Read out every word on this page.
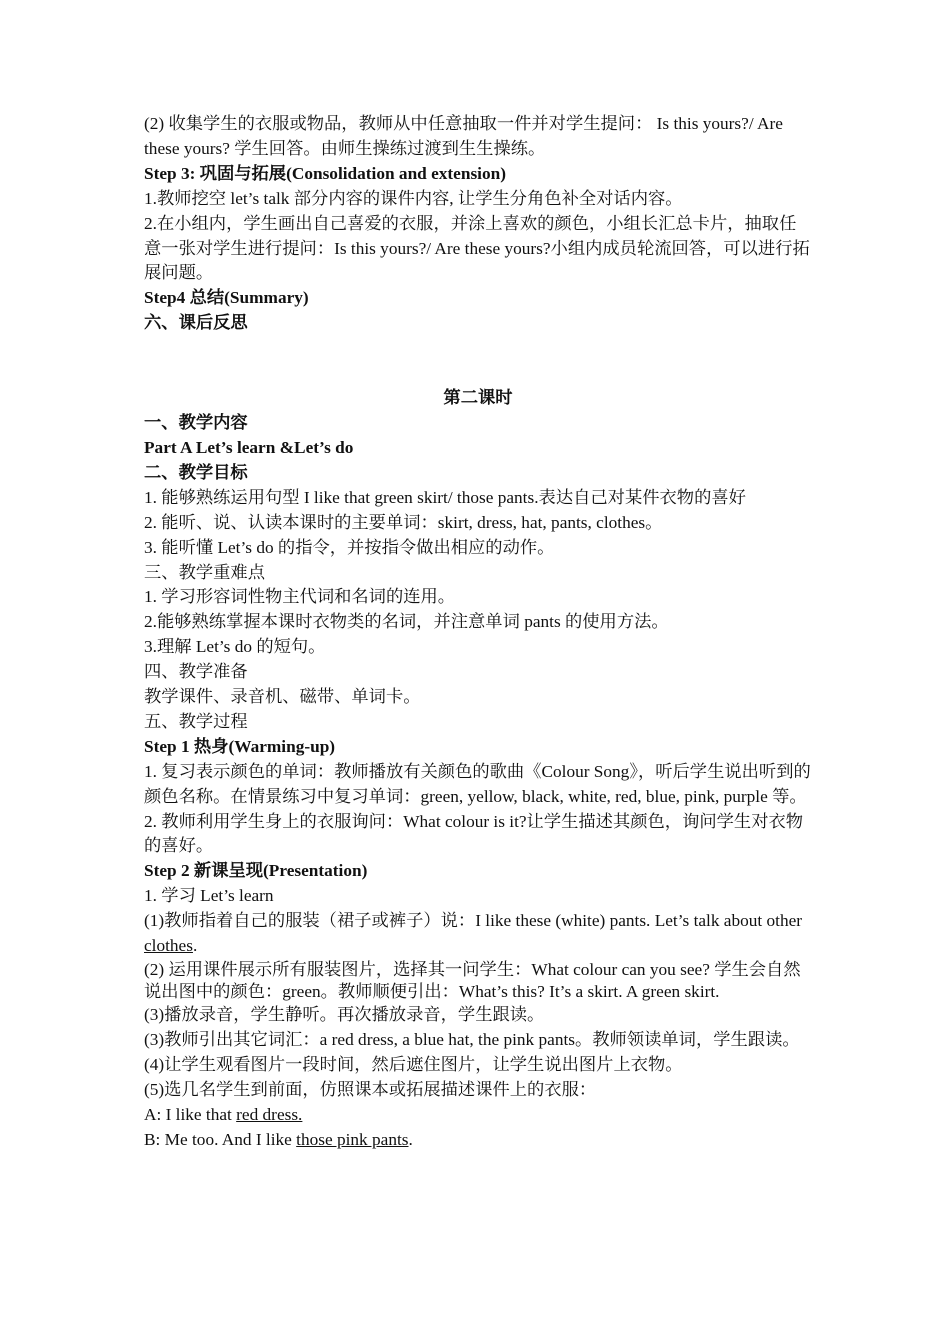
(2) 收集学生的衣服或物品，教师从中任意抽取一件并对学生提问： Is this yours?/ Are these yours? 学生回答。由师生操练过渡到生生操练。

Step 3: 巩固与拓展(Consolidation and extension)

1.教师挖空 let’s talk 部分内容的课件内容, 让学生分角色补全对话内容。

2.在小组内，学生画出自己喜爱的衣服，并涂上喜欢的颜色，小组长汇总卡片，抽取任意一张对学生进行提问：Is this yours?/ Are these yours?小组内成员轮流回答，可以进行拓展问题。

Step4 总结(Summary)

六、课后反思

第二课时

一、教学内容

Part A Let’s learn &Let’s do

二、教学目标

1. 能够熟练运用句型 I like that green skirt/ those pants.表达自己对某件衣物的喜好

2. 能听、说、认读本课时的主要单词：skirt, dress, hat, pants, clothes。

3. 能听懂 Let’s do 的指令，并按指令做出相应的动作。

三、教学重难点

1. 学习形容词性物主代词和名词的连用。

2.能够熟练掌握本课时衣物类的名词，并注意单词 pants 的使用方法。

3.理解 Let’s do 的短句。

四、教学准备

教学课件、录音机、磁带、单词卡。

五、教学过程

Step 1 热身(Warming-up)

1. 复习表示颜色的单词：教师播放有关颜色的歌曲《Colour Song》，听后学生说出听到的颜色名称。在情景练习中复习单词：green, yellow, black, white, red, blue, pink, purple 等。

2. 教师利用学生身上的衣服询问：What colour is it?让学生描述其颜色，询问学生对衣物的喜好。

Step 2 新课呈现(Presentation)

1. 学习 Let’s learn

(1)教师指着自己的服装（裙子或裤子）说：I like these (white) pants. Let’s talk about other clothes.

(2) 运用课件展示所有服装图片，选择其一问学生：What colour can you see? 学生会自然说出图中的颜色：green。教师顺便引出：What’s this? It’s a skirt. A green skirt.

(3)播放录音，学生静听。再次播放录音，学生跟读。

(3)教师引出其它词汇：a red dress, a blue hat, the pink pants。教师领读单词，学生跟读。

(4)让学生观看图片一段时间，然后遮住图片，让学生说出图片上衣物。

(5)选几名学生到前面，仿照课本或拓展描述课件上的衣服：

A: I like that red dress.

B: Me too. And I like those pink pants.
